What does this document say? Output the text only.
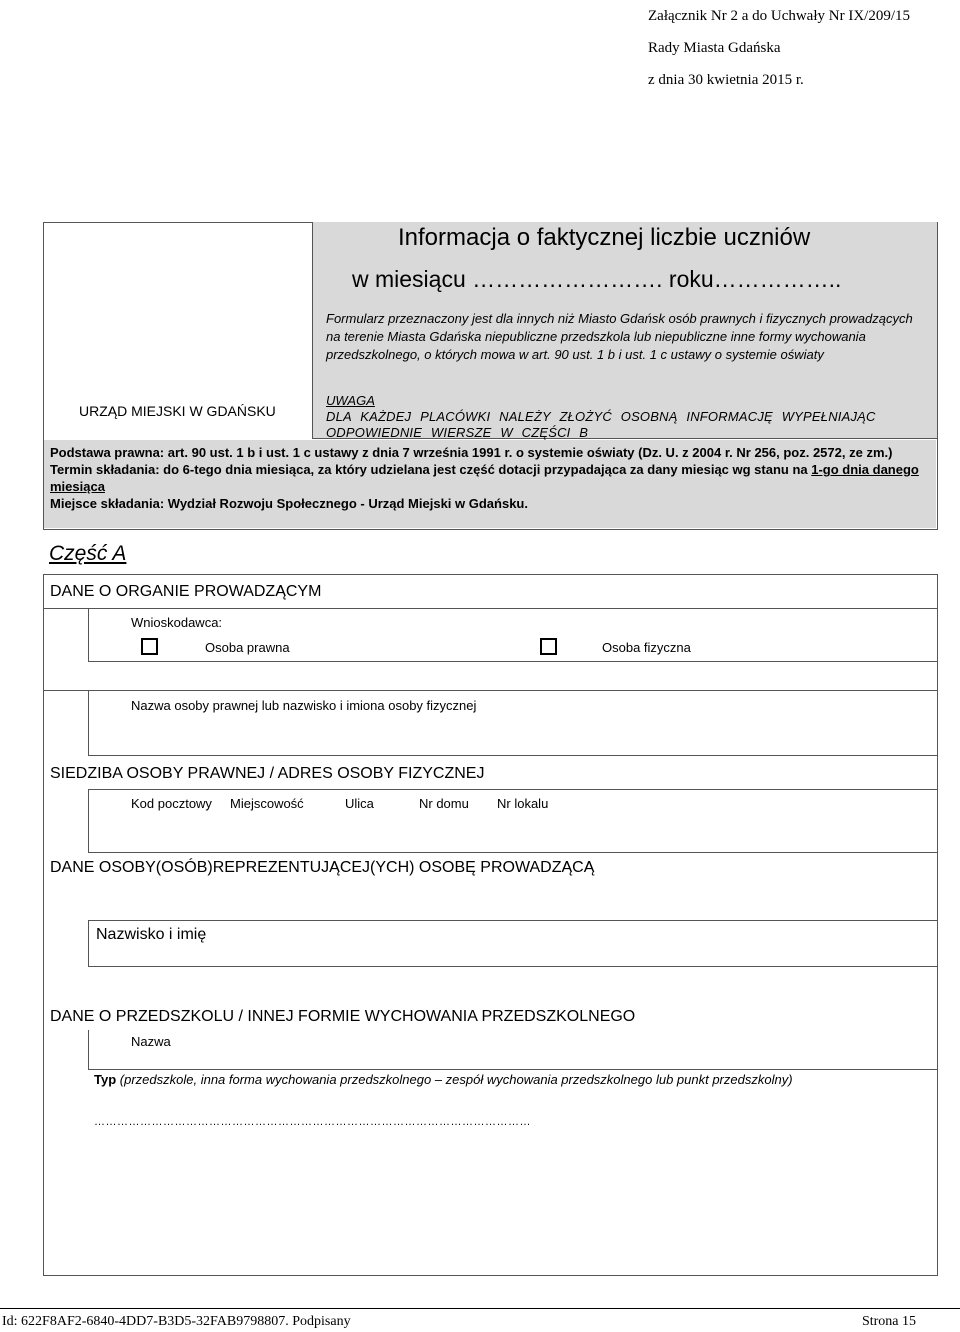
Załącznik Nr 2 a do Uchwały Nr IX/209/15
Rady Miasta Gdańska
z dnia 30 kwietnia 2015 r.
Informacja o faktycznej liczbie uczniów
w miesiącu ……………………. roku……………..
Formularz przeznaczony jest dla innych niż Miasto Gdańsk osób prawnych i fizycznych prowadzących na terenie Miasta Gdańska niepubliczne przedszkola lub niepubliczne inne formy wychowania przedszkolnego, o których mowa w art. 90 ust. 1 b i ust. 1 c ustawy o systemie oświaty
UWAGA
DLA KAŻDEJ PLACÓWKI NALEŻY ZŁOŻYĆ OSOBNĄ INFORMACJĘ WYPEŁNIAJĄC ODPOWIEDNIE WIERSZE W CZĘŚCI B
URZĄD MIEJSKI W GDAŃSKU
Podstawa prawna: art. 90 ust. 1 b i ust. 1 c ustawy z dnia 7 września 1991 r. o systemie oświaty (Dz. U. z 2004 r. Nr 256, poz. 2572, ze zm.)
Termin składania: do 6-tego dnia miesiąca, za który udzielana jest część dotacji przypadająca za dany miesiąc wg stanu na 1-go dnia danego miesiąca
Miejsce składania: Wydział Rozwoju Społecznego - Urząd Miejski w Gdańsku.
Część A
DANE O ORGANIE PROWADZĄCYM
Wnioskodawca:
Osoba prawna	Osoba fizyczna
Nazwa osoby prawnej lub nazwisko i imiona osoby fizycznej
SIEDZIBA OSOBY PRAWNEJ / ADRES OSOBY FIZYCZNEJ
Kod pocztowy Miejscowość	Ulica	Nr domu Nr lokalu
DANE OSOBY(OSÓB)REPREZENTUJĄCEJ(YCH) OSOBĘ PROWADZĄCĄ
Nazwisko i imię
DANE O PRZEDSZKOLU / INNEJ FORMIE WYCHOWANIA PRZEDSZKOLNEGO
Nazwa
Typ (przedszkole, inna forma wychowania przedszkolnego – zespół wychowania przedszkolnego lub punkt przedszkolny)
……………………………………………………………………………………………………
Id: 622F8AF2-6840-4DD7-B3D5-32FAB9798807. Podpisany	Strona 15
